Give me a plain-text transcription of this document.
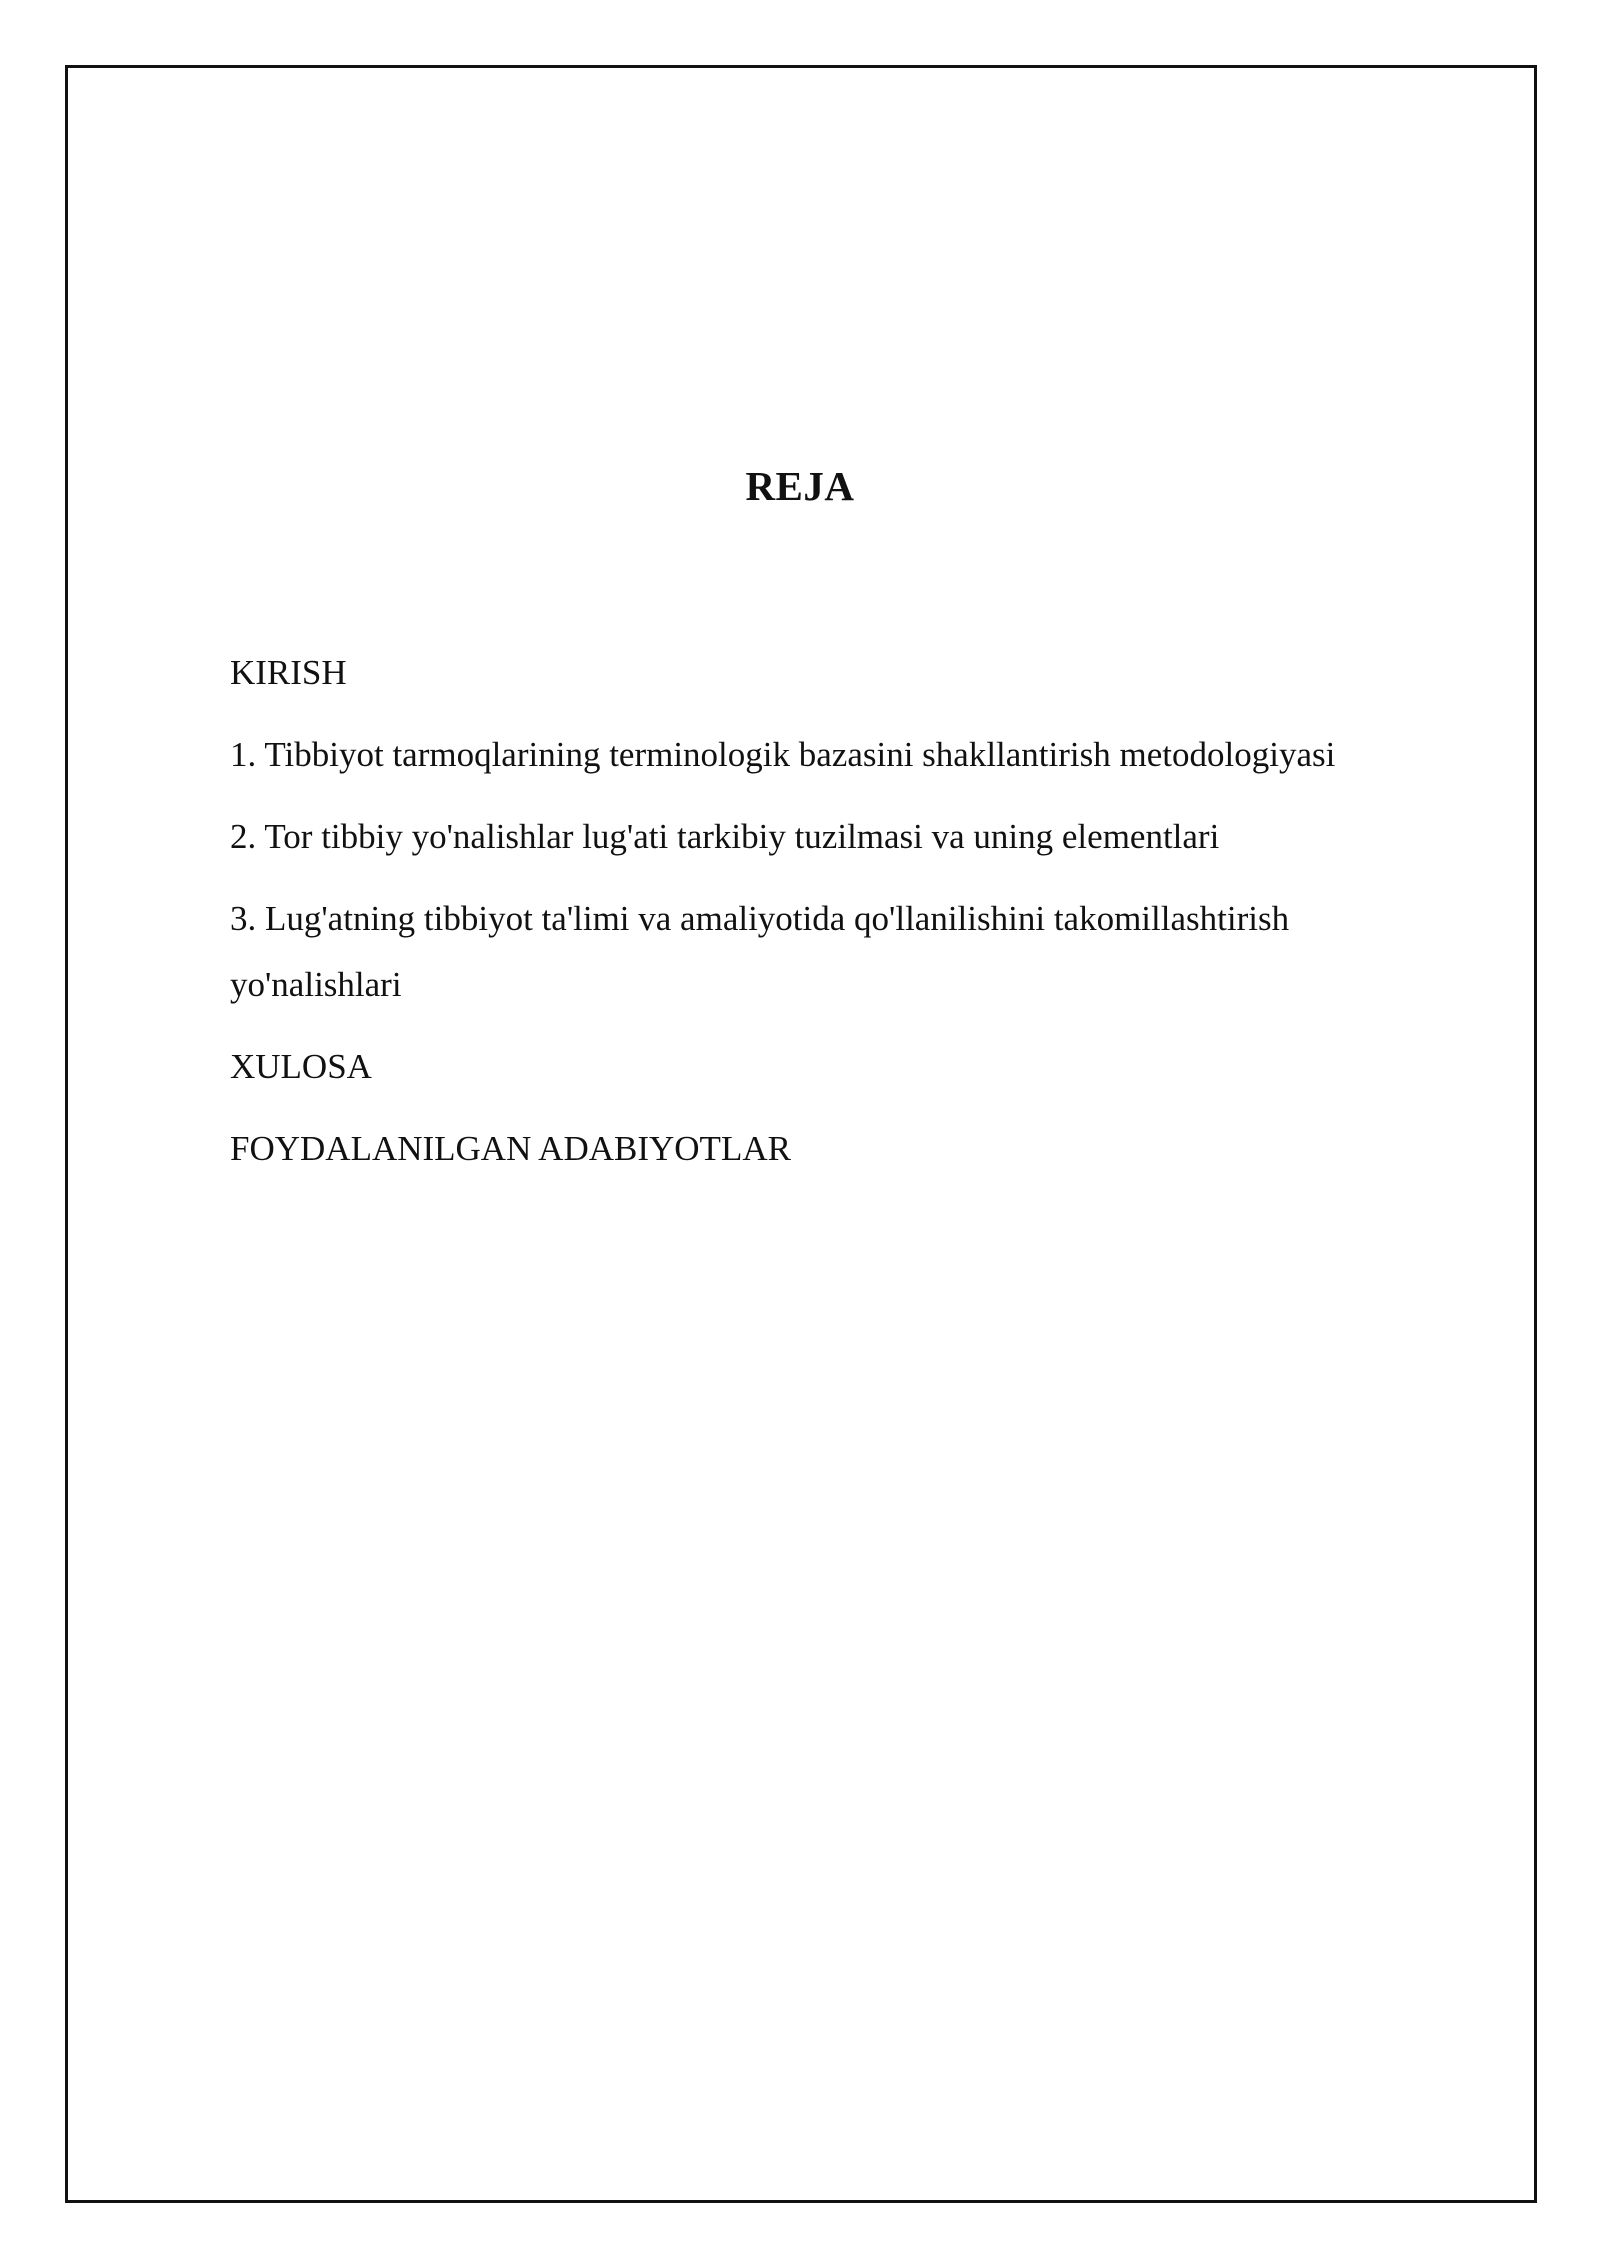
REJA
KIRISH
1. Tibbiyot tarmoqlarining terminologik bazasini shakllantirish metodologiyasi
2. Tor tibbiy yo'nalishlar lug'ati tarkibiy tuzilmasi va uning elementlari
3. Lug'atning tibbiyot ta'limi va amaliyotida qo'llanilishini takomillashtirish yo'nalishlari
XULOSA
FOYDALANILGAN ADABIYOTLAR
